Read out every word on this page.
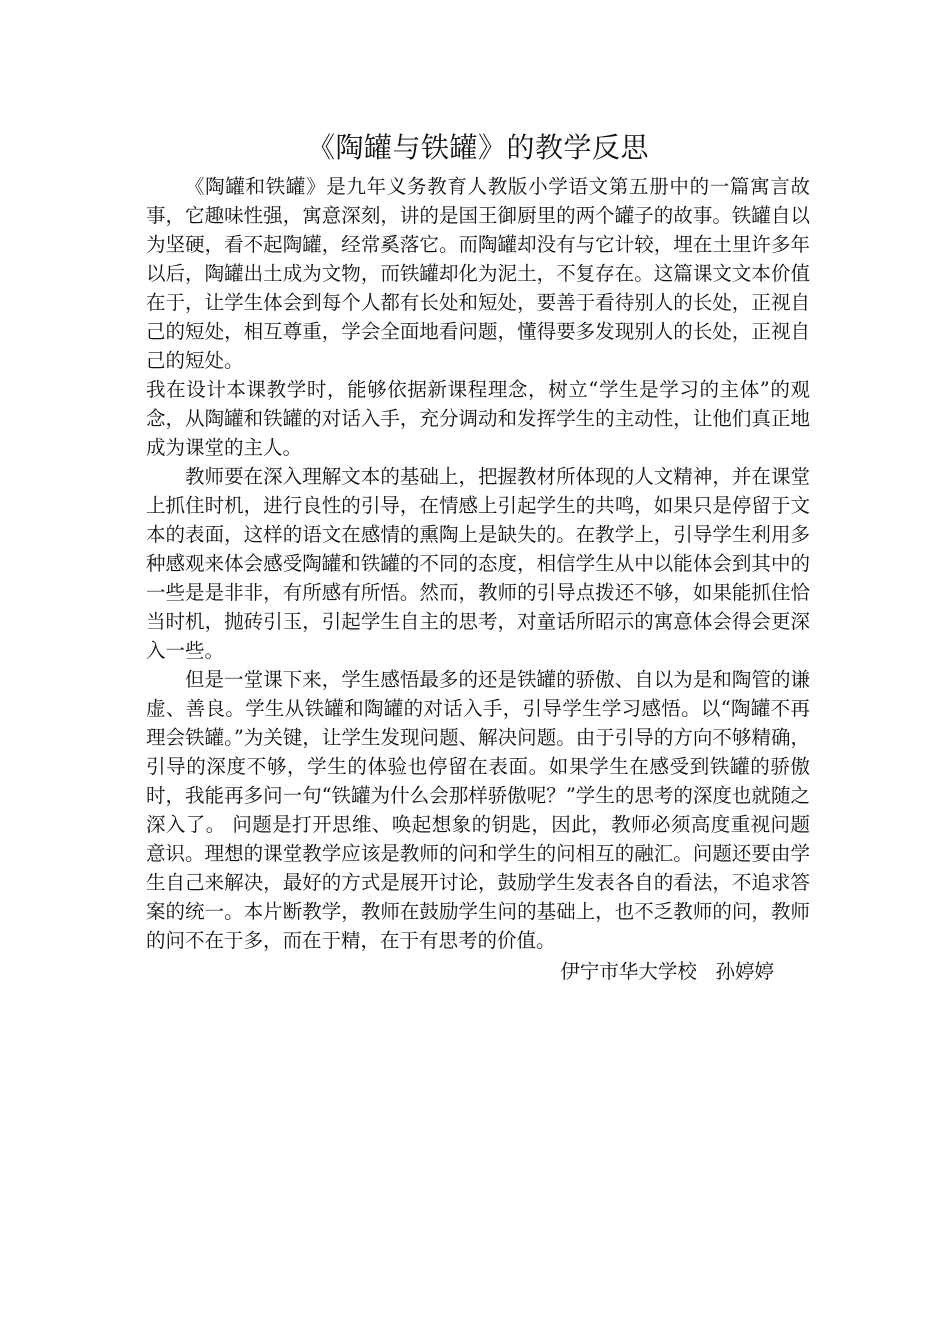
《陶罐与铁罐》的教学反思

《陶罐和铁罐》是九年义务教育人教版小学语文第五册中的一篇寓言故事，它趣味性强，寓意深刻，讲的是国王御厨里的两个罐子的故事。铁罐自以为坚硬，看不起陶罐，经常奚落它。而陶罐却没有与它计较，埋在土里许多年以后，陶罐出土成为文物，而铁罐却化为泥土，不复存在。这篇课文文本价值在于，让学生体会到每个人都有长处和短处，要善于看待别人的长处，正视自己的短处，相互尊重，学会全面地看问题，懂得要多发现别人的长处，正视自己的短处。

我在设计本课教学时，能够依据新课程理念，树立“学生是学习的主体”的观念，从陶罐和铁罐的对话入手，充分调动和发挥学生的主动性，让他们真正地成为课堂的主人。

教师要在深入理解文本的基础上，把握教材所体现的人文精神，并在课堂上抓住时机，进行良性的引导，在情感上引起学生的共鸣，如果只是停留于文本的表面，这样的语文在感情的熏陶上是缺失的。在教学上，引导学生利用多种感观来体会感受陶罐和铁罐的不同的态度，相信学生从中以能体会到其中的一些是是非非，有所感有所悟。然而，教师的引导点拨还不够，如果能抓住恰当时机，抛砖引玉，引起学生自主的思考，对童话所昭示的寓意体会得会更深入一些。

但是一堂课下来，学生感悟最多的还是铁罐的骄傲、自以为是和陶管的谦虚、善良。学生从铁罐和陶罐的对话入手，引导学生学习感悟。以“陶罐不再理会铁罐。”为关键，让学生发现问题、解决问题。由于引导的方向不够精确，引导的深度不够，学生的体验也停留在表面。如果学生在感受到铁罐的骄傲时，我能再多问一句“铁罐为什么会那样骄傲呢？”学生的思考的深度也就随之深入了。 问题是打开思维、唤起想象的钥匙，因此，教师必须高度重视问题意识。理想的课堂教学应该是教师的问和学生的问相互的融汇。问题还要由学生自己来解决，最好的方式是展开讨论，鼓励学生发表各自的看法，不追求答案的统一。本片断教学，教师在鼓励学生问的基础上，也不乏教师的问，教师的问不在于多，而在于精，在于有思考的价值。

伊宁市华大学校   孙婷婷
